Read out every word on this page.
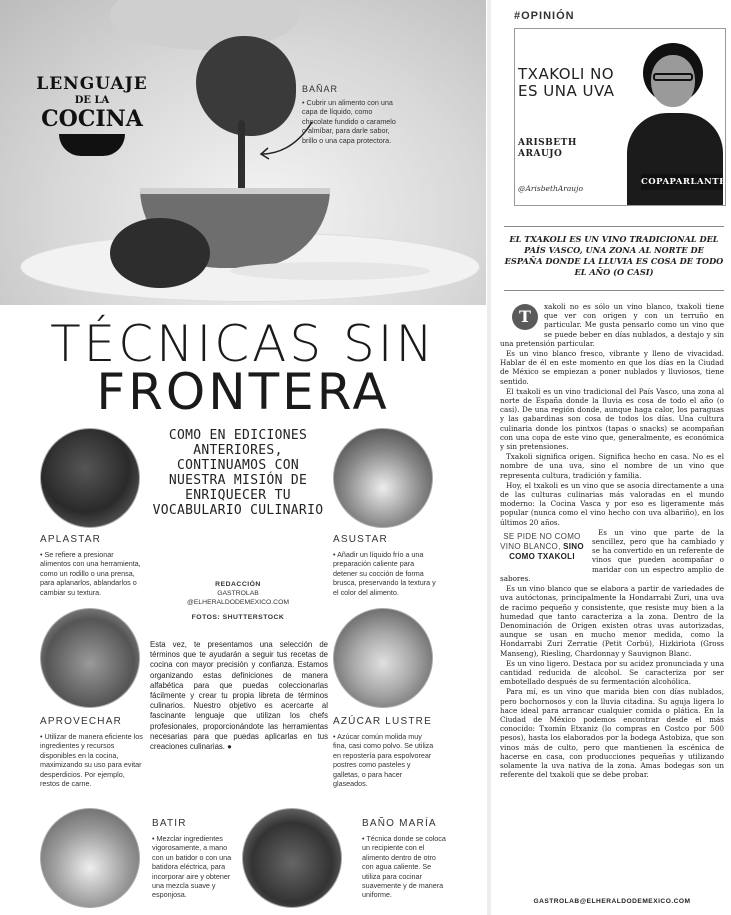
LENGUAJE
DE LA
COCINA
BAÑAR
• Cubrir un alimento con una capa de líquido, como chocolate fundido o caramelo o almíbar, para darle sabor, brillo o una capa protectora.
TÉCNICAS SIN
FRONTERA
APLASTAR
• Se refiere a presionar alimentos con una herramienta, como un rodillo o una prensa, para aplanarlos, ablandarlos o cambiar su textura.
ASUSTAR
• Añadir un líquido frío a una preparación caliente para detener su cocción de forma brusca, preservando la textura y el color del alimento.
APROVECHAR
• Utilizar de manera eficiente los ingredientes y recursos disponibles en la cocina, maximizando su uso para evitar desperdicios. Por ejemplo, restos de carne.
AZÚCAR LUSTRE
• Azúcar común molida muy fina, casi como polvo. Se utiliza en repostería para espolvorear postres como pasteles y galletas, o para hacer glaseados.
COMO EN EDICIONES ANTERIORES, CONTINUAMOS CON NUESTRA MISIÓN DE ENRIQUECER TU VOCABULARIO CULINARIO
REDACCIÓN
GASTROLAB
@ELHERALDODEMEXICO.COM
FOTOS: SHUTTERSTOCK
Esta vez, te presentamos una selección de términos que te ayudarán a seguir tus recetas de cocina con mayor precisión y confianza. Estamos organizando estas definiciones de manera alfabética para que puedas coleccionarlas fácilmente y crear tu propia libreta de términos culinarios. Nuestro objetivo es acercarte al fascinante lenguaje que utilizan los chefs profesionales, proporcionándote las herramientas necesarias para que puedas aplicarlas en tus creaciones culinarias. ●
BATIR
• Mezclar ingredientes vigorosamente, a mano con un batidor o con una batidora eléctrica, para incorporar aire y obtener una mezcla suave y esponjosa.
BAÑO MARÍA
• Técnica donde se coloca un recipiente con el alimento dentro de otro con agua caliente. Se utiliza para cocinar suavemente y de manera uniforme.
#OPINIÓN
TXAKOLI NO ES UNA UVA
ARISBETH ARAUJO
@ArisbethAraujo
COPAPARLANTE
EL TXAKOLI ES UN VINO TRADICIONAL DEL PAÍS VASCO, UNA ZONA AL NORTE DE ESPAÑA DONDE LA LLUVIA ES COSA DE TODO EL AÑO (O CASI)
T

xakoli no es sólo un vino blanco, txakoli tiene que ver con origen y con un terruño en particular. Me gusta pensarlo como un vino que se puede beber en días nublados, a destajo y sin una pretensión particular.

Es un vino blanco fresco, vibrante y lleno de vivacidad. Hablar de él en este momento en que los días en la Ciudad de México se empiezan a poner nublados y lluviosos, tiene sentido.

El txakoli es un vino tradicional del País Vasco, una zona al norte de España donde la lluvia es cosa de todo el año (o casi). De una región donde, aunque haga calor, los paraguas y las gabardinas son cosa de todos los días. Una cultura culinaria donde los pintxos (tapas o snacks) se acompañan con una copa de este vino que, generalmente, es económica y sin pretensiones.

Txakoli significa origen. Significa hecho en casa. No es el nombre de una uva, sino el nombre de un vino que representa cultura, tradición y familia.

Hoy, el txakoli es un vino que se asocia directamente a una de las culturas culinarias más valoradas en el mundo moderno: la Cocina Vasca y por eso es ligeramente más popular (nunca como el vino hecho con uva albariño), en los últimos 20 años.

SE PIDE NO COMO VINO BLANCO, SINO COMO TXAKOLI

Es un vino que parte de la sencillez, pero que ha cambiado y se ha convertido en un referente de vinos que pueden acompañar o maridar con un espectro amplio de sabores.

Es un vino blanco que se elabora a partir de variedades de uva autóctonas, principalmente la Hondarrabi Zuri, una uva de racimo pequeño y consistente, que resiste muy bien a la humedad que tanto caracteriza a la zona. Dentro de la Denominación de Origen existen otras uvas autorizadas, aunque se usan en mucho menor medida, como la Hondarrabi Zuri Zerratie (Petit Corbú), Hizkiriota (Gross Manseng), Riesling, Chardonnay y Sauvignon Blanc.

Es un vino ligero. Destaca por su acidez pronunciada y una cantidad reducida de alcohol. Se caracteriza por ser embotellado después de su fermentación alcohólica.

Para mí, es un vino que marida bien con días nublados, pero bochornosos y con la lluvia citadina. Su aguja ligera lo hace ideal para arrancar cualquier comida o plática. En la Ciudad de México podemos encontrar desde el más conocido: Txomín Etxaniz (lo compras en Costco por 500 pesos), hasta los elaborados por la bodega Astobiza, que son vinos más de culto, pero que mantienen la escénica de hacerse en casa, con producciones pequeñas y utilizando solamente la uva nativa de la zona. Amas bodegas son un referente del txakoli que se debe probar.

GASTROLAB@ELHERALDODEMEXICO.COM
